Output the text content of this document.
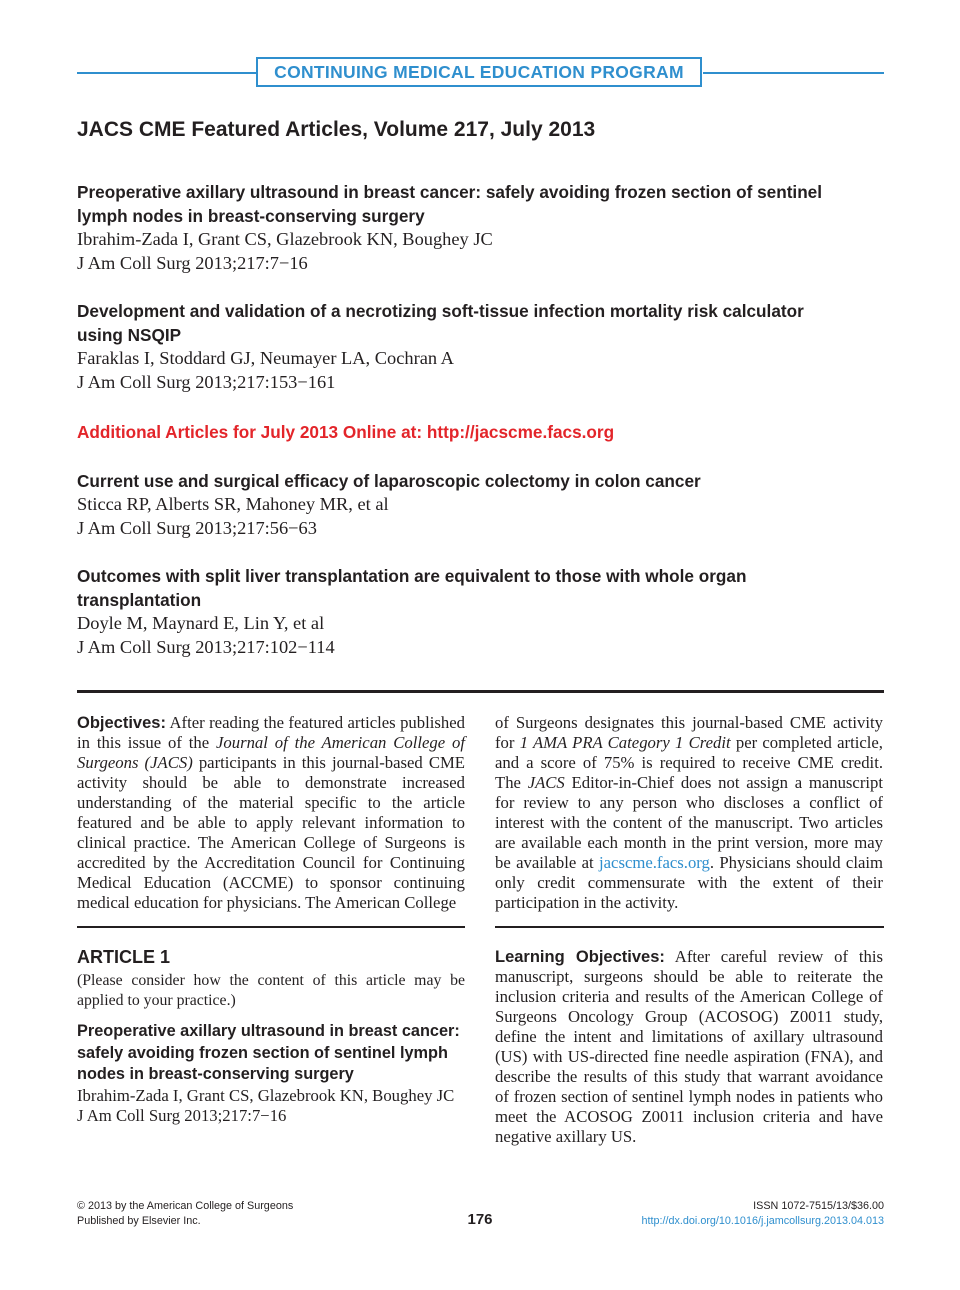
CONTINUING MEDICAL EDUCATION PROGRAM
JACS CME Featured Articles, Volume 217, July 2013
Preoperative axillary ultrasound in breast cancer: safely avoiding frozen section of sentinel
lymph nodes in breast-conserving surgery
Ibrahim-Zada I, Grant CS, Glazebrook KN, Boughey JC
J Am Coll Surg 2013;217:7−16
Development and validation of a necrotizing soft-tissue infection mortality risk calculator
using NSQIP
Faraklas I, Stoddard GJ, Neumayer LA, Cochran A
J Am Coll Surg 2013;217:153−161
Additional Articles for July 2013 Online at: http://jacscme.facs.org
Current use and surgical efficacy of laparoscopic colectomy in colon cancer
Sticca RP, Alberts SR, Mahoney MR, et al
J Am Coll Surg 2013;217:56−63
Outcomes with split liver transplantation are equivalent to those with whole organ
transplantation
Doyle M, Maynard E, Lin Y, et al
J Am Coll Surg 2013;217:102−114
Objectives: After reading the featured articles published in this issue of the Journal of the American College of Surgeons (JACS) participants in this journal-based CME activity should be able to demonstrate increased understanding of the material specific to the article featured and be able to apply relevant information to clinical practice. The American College of Surgeons is accredited by the Accreditation Council for Continuing Medical Education (ACCME) to sponsor continuing medical education for physicians. The American College
of Surgeons designates this journal-based CME activity for 1 AMA PRA Category 1 Credit per completed article, and a score of 75% is required to receive CME credit. The JACS Editor-in-Chief does not assign a manuscript for review to any person who discloses a conflict of interest with the content of the manuscript. Two articles are available each month in the print version, more may be available at jacscme.facs.org. Physicians should claim only credit commensurate with the extent of their participation in the activity.
ARTICLE 1
(Please consider how the content of this article may be applied to your practice.)
Preoperative axillary ultrasound in breast cancer: safely avoiding frozen section of sentinel lymph nodes in breast-conserving surgery
Ibrahim-Zada I, Grant CS, Glazebrook KN, Boughey JC
J Am Coll Surg 2013;217:7−16
Learning Objectives: After careful review of this manuscript, surgeons should be able to reiterate the inclusion criteria and results of the American College of Surgeons Oncology Group (ACOSOG) Z0011 study, define the intent and limitations of axillary ultrasound (US) with US-directed fine needle aspiration (FNA), and describe the results of this study that warrant avoidance of frozen section of sentinel lymph nodes in patients who meet the ACOSOG Z0011 inclusion criteria and have negative axillary US.
© 2013 by the American College of Surgeons
Published by Elsevier Inc.	176
ISSN 1072-7515/13/$36.00
http://dx.doi.org/10.1016/j.jamcollsurg.2013.04.013
